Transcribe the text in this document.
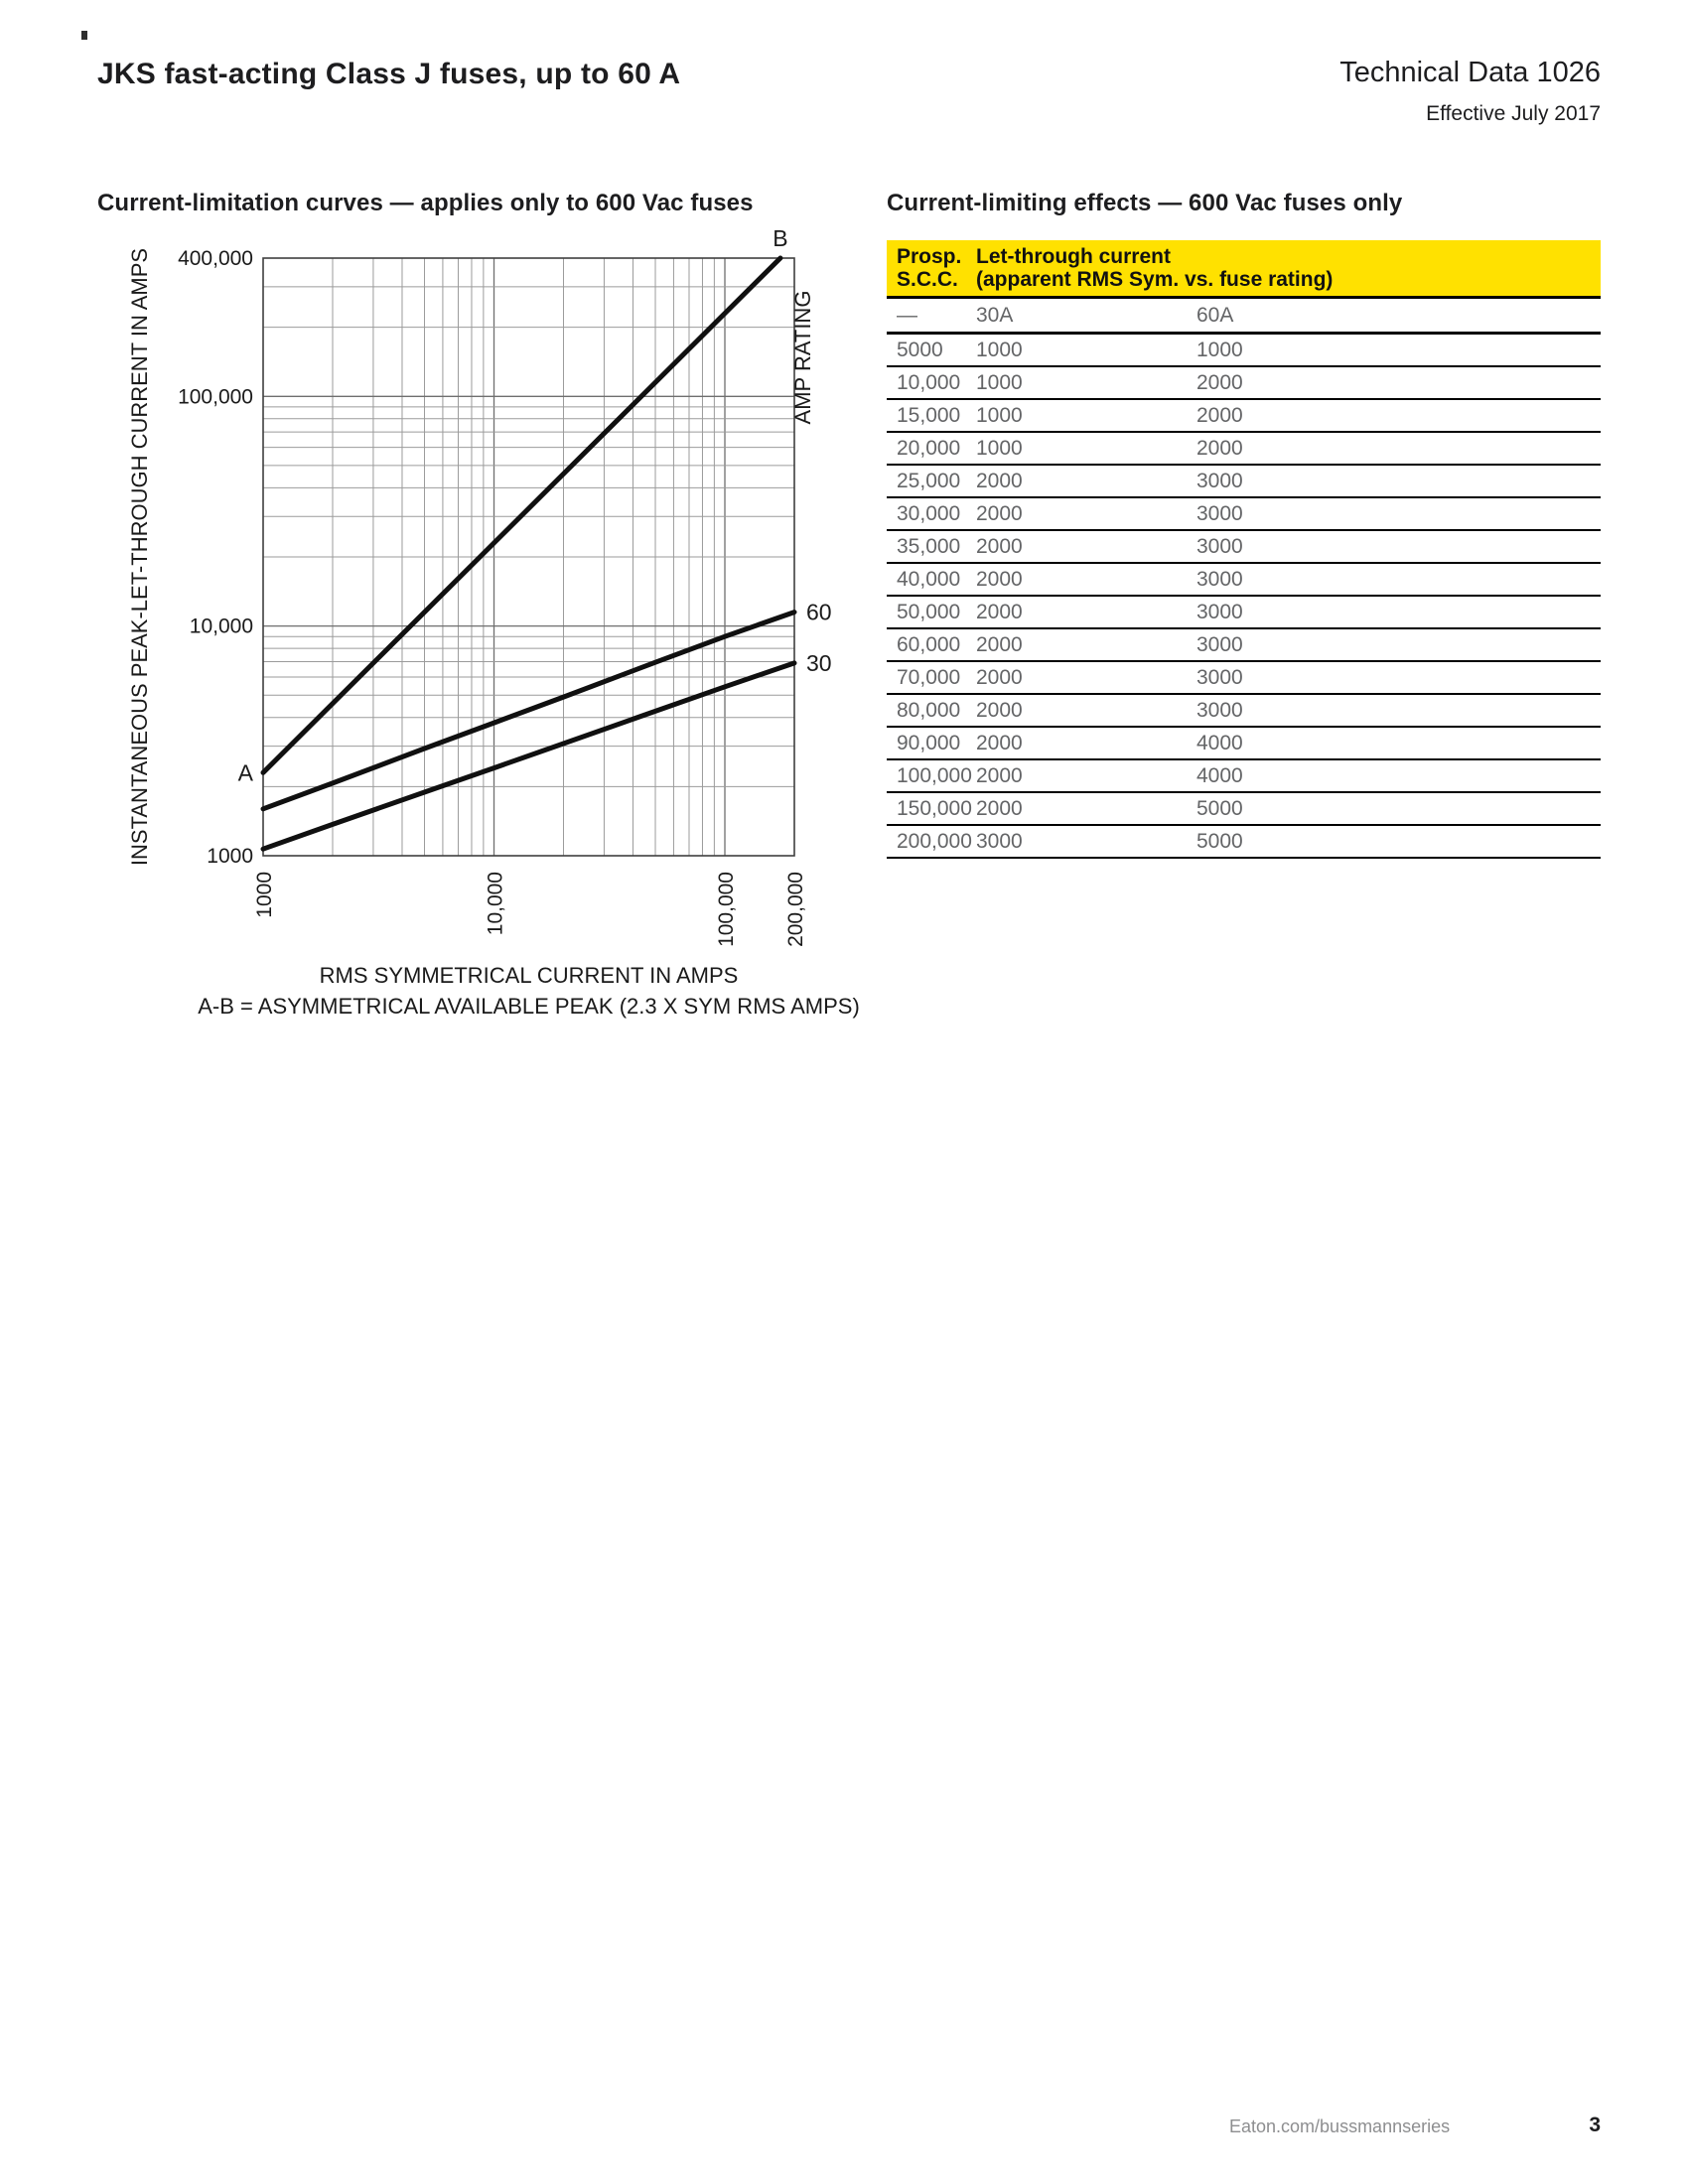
JKS fast-acting Class J fuses, up to 60 A	Technical Data 1026
Effective July 2017
Current-limitation curves — applies only to 600 Vac fuses	Current-limiting effects — 600 Vac fuses only
A
B
60
30
1000
10,000
100,000
400,000
1000	10,000	100,000 200,000
INSTANTANEOUS PEAK-LET-THROUGH CURRENT IN AMPS	AMP RATING
RMS SYMMETRICAL CURRENT IN AMPS
A-B = ASYMMETRICAL AVAILABLE PEAK (2.3 X SYM RMS AMPS)
Prosp.
S.C.C.
Let-through current
(apparent RMS Sym. vs. fuse rating)
—	30A	60A
5000	1000	1000
10,000 1000	2000
15,000 1000	2000
20,000 1000	2000
25,000 2000	3000
30,000 2000	3000
35,000 2000	3000
40,000 2000	3000
50,000 2000	3000
60,000 2000	3000
70,000 2000	3000
80,000 2000	3000
90,000 2000	4000
100,000 2000	4000
150,000 2000	5000
200,000 3000	5000
Eaton.com/bussmannseries	3
